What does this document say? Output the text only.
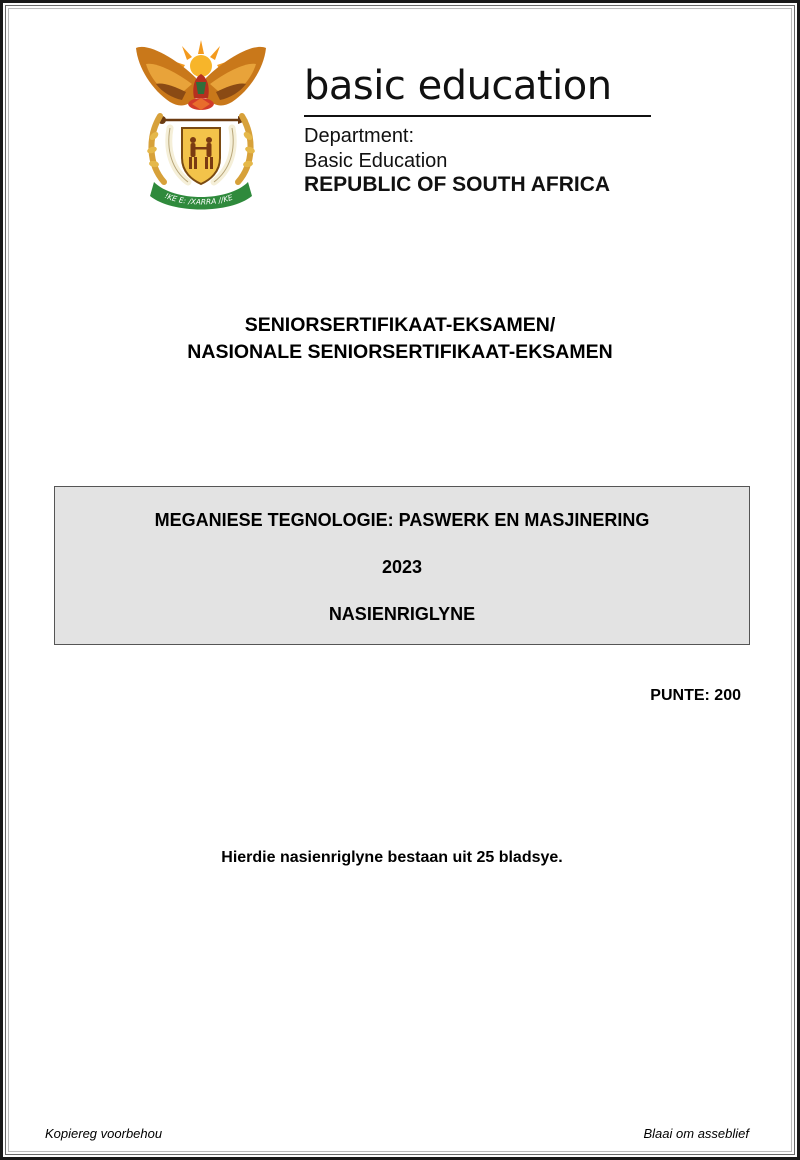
!KE E: /XARRA //KE
basic education
Department:
Basic Education
REPUBLIC OF SOUTH AFRICA
SENIORSERTIFIKAAT-EKSAMEN/
NASIONALE SENIORSERTIFIKAAT-EKSAMEN
MEGANIESE TEGNOLOGIE: PASWERK EN MASJINERING
2023
NASIENRIGLYNE
PUNTE: 200
Hierdie nasienriglyne bestaan uit 25 bladsye.
Kopiereg voorbehou	Blaai om asseblief
